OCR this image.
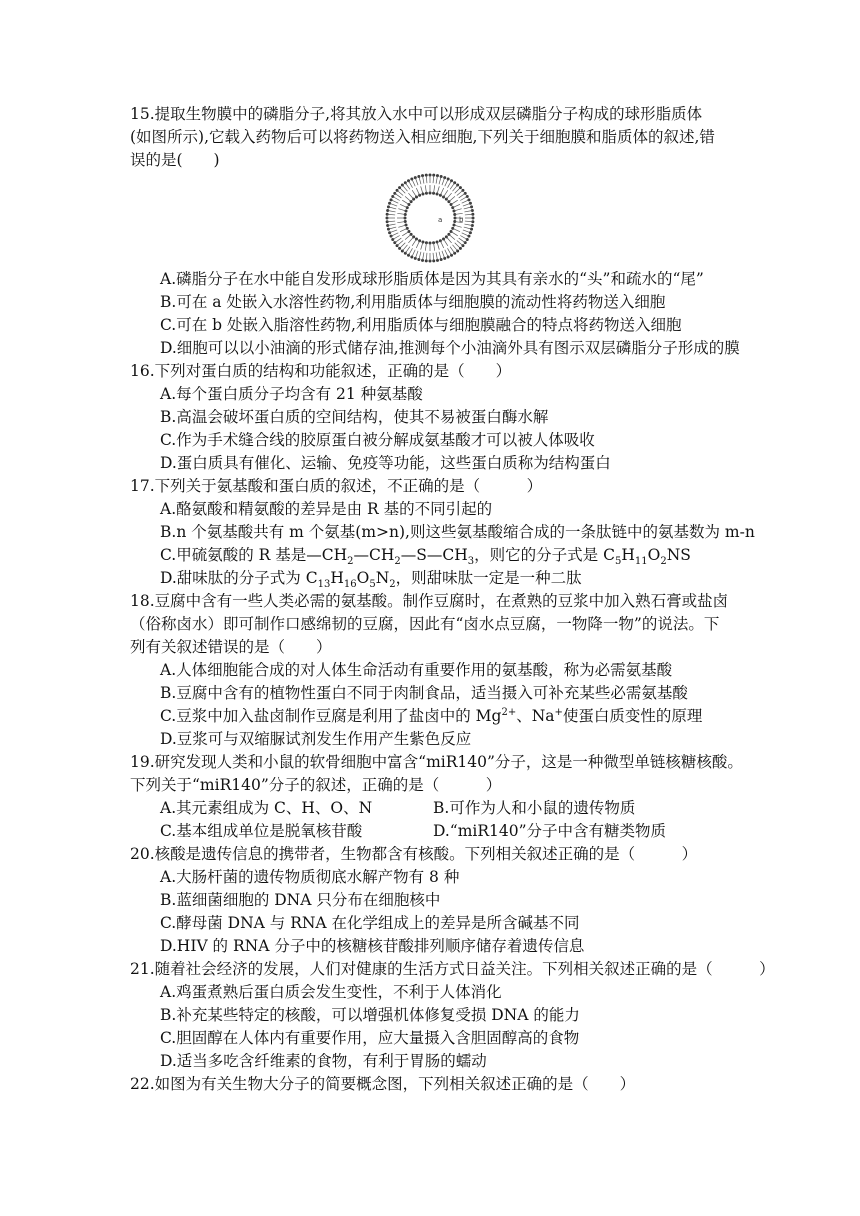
15.提取生物膜中的磷脂分子,将其放入水中可以形成双层磷脂分子构成的球形脂质体
(如图所示),它载入药物后可以将药物送入相应细胞,下列关于细胞膜和脂质体的叙述,错
误的是(　　)
a b
A.磷脂分子在水中能自发形成球形脂质体是因为其具有亲水的“头”和疏水的“尾”
B.可在 a 处嵌入水溶性药物,利用脂质体与细胞膜的流动性将药物送入细胞
C.可在 b 处嵌入脂溶性药物,利用脂质体与细胞膜融合的特点将药物送入细胞
D.细胞可以以小油滴的形式储存油,推测每个小油滴外具有图示双层磷脂分子形成的膜
16.下列对蛋白质的结构和功能叙述，正确的是（　　）
A.每个蛋白质分子均含有 21 种氨基酸
B.高温会破坏蛋白质的空间结构，使其不易被蛋白酶水解
C.作为手术缝合线的胶原蛋白被分解成氨基酸才可以被人体吸收
D.蛋白质具有催化、运输、免疫等功能，这些蛋白质称为结构蛋白
17.下列关于氨基酸和蛋白质的叙述，不正确的是（　　　）
A.酪氨酸和精氨酸的差异是由 R 基的不同引起的
B.n 个氨基酸共有 m 个氨基(m>n),则这些氨基酸缩合成的一条肽链中的氨基数为 m-n
C.甲硫氨酸的 R 基是$—CH_2—CH_2—S—CH_3$，则它的分子式是 $C_5H_{11}O_2NS$
D.甜味肽的分子式为 $C_{13}H_{16}O_5N_2$，则甜味肽一定是一种二肽
18.豆腐中含有一些人类必需的氨基酸。制作豆腐时，在煮熟的豆浆中加入熟石膏或盐卤
（俗称卤水）即可制作口感绵韧的豆腐，因此有“卤水点豆腐，一物降一物”的说法。下
列有关叙述错误的是（　　）
A.人体细胞能合成的对人体生命活动有重要作用的氨基酸，称为必需氨基酸
B.豆腐中含有的植物性蛋白不同于肉制食品，适当摄入可补充某些必需氨基酸
C.豆浆中加入盐卤制作豆腐是利用了盐卤中的 $Mg^{2+}$、Na+使蛋白质变性的原理
D.豆浆可与双缩脲试剂发生作用产生紫色反应
19.研究发现人类和小鼠的软骨细胞中富含“miR140”分子，这是一种微型单链核糖核酸。
下列关于“miR140”分子的叙述，正确的是（　　　）
A.其元素组成为 C、H、O、N	B.可作为人和小鼠的遗传物质
C.基本组成单位是脱氧核苷酸	D.“miR140”分子中含有糖类物质
20.核酸是遗传信息的携带者，生物都含有核酸。下列相关叙述正确的是（　　　）
A.大肠杆菌的遗传物质彻底水解产物有 8 种
B.蓝细菌细胞的 DNA 只分布在细胞核中
C.酵母菌 DNA 与 RNA 在化学组成上的差异是所含碱基不同
D.HIV 的 RNA 分子中的核糖核苷酸排列顺序储存着遗传信息
21.随着社会经济的发展，人们对健康的生活方式日益关注。下列相关叙述正确的是（　　　）
A.鸡蛋煮熟后蛋白质会发生变性，不利于人体消化
B.补充某些特定的核酸，可以增强机体修复受损 DNA 的能力
C.胆固醇在人体内有重要作用，应大量摄入含胆固醇高的食物
D.适当多吃含纤维素的食物，有利于胃肠的蠕动
22.如图为有关生物大分子的简要概念图，下列相关叙述正确的是（　　）
